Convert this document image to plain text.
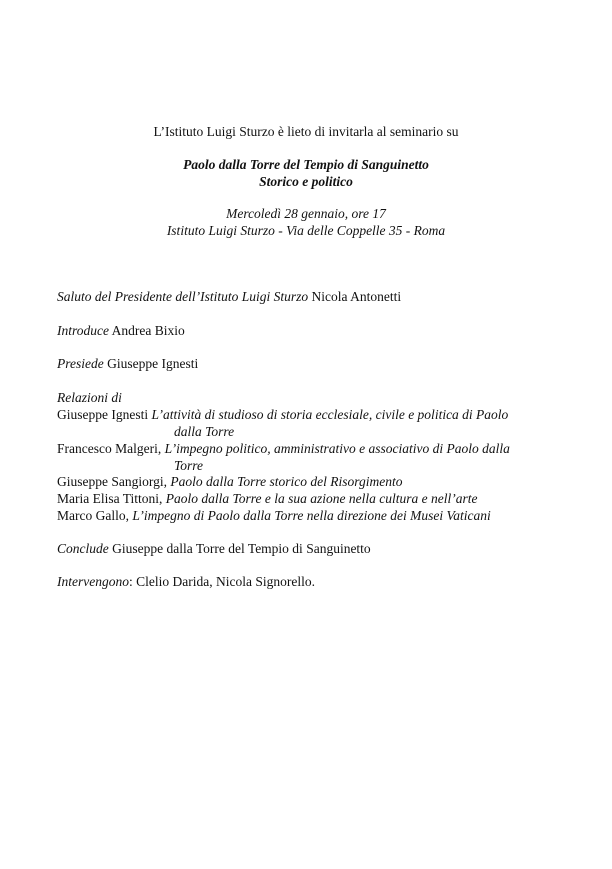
L’Istituto Luigi Sturzo è lieto di invitarla al seminario su
Paolo dalla Torre del Tempio di Sanguinetto
Storico e politico
Mercoledì 28 gennaio, ore 17
Istituto Luigi Sturzo - Via delle Coppelle 35 - Roma
Saluto del Presidente dell’Istituto Luigi Sturzo Nicola Antonetti
Introduce Andrea Bixio
Presiede Giuseppe Ignesti
Relazioni di
Giuseppe Ignesti L’attività di studioso di storia ecclesiale, civile e politica di Paolo
dalla Torre
Francesco Malgeri, L’impegno politico, amministrativo e associativo di Paolo dalla
Torre
Giuseppe Sangiorgi, Paolo dalla Torre storico del Risorgimento
Maria Elisa Tittoni, Paolo dalla Torre e la sua azione nella cultura e nell’arte
Marco Gallo, L’impegno di Paolo dalla Torre nella direzione dei Musei Vaticani
Conclude Giuseppe dalla Torre del Tempio di Sanguinetto
Intervengono: Clelio Darida, Nicola Signorello.
